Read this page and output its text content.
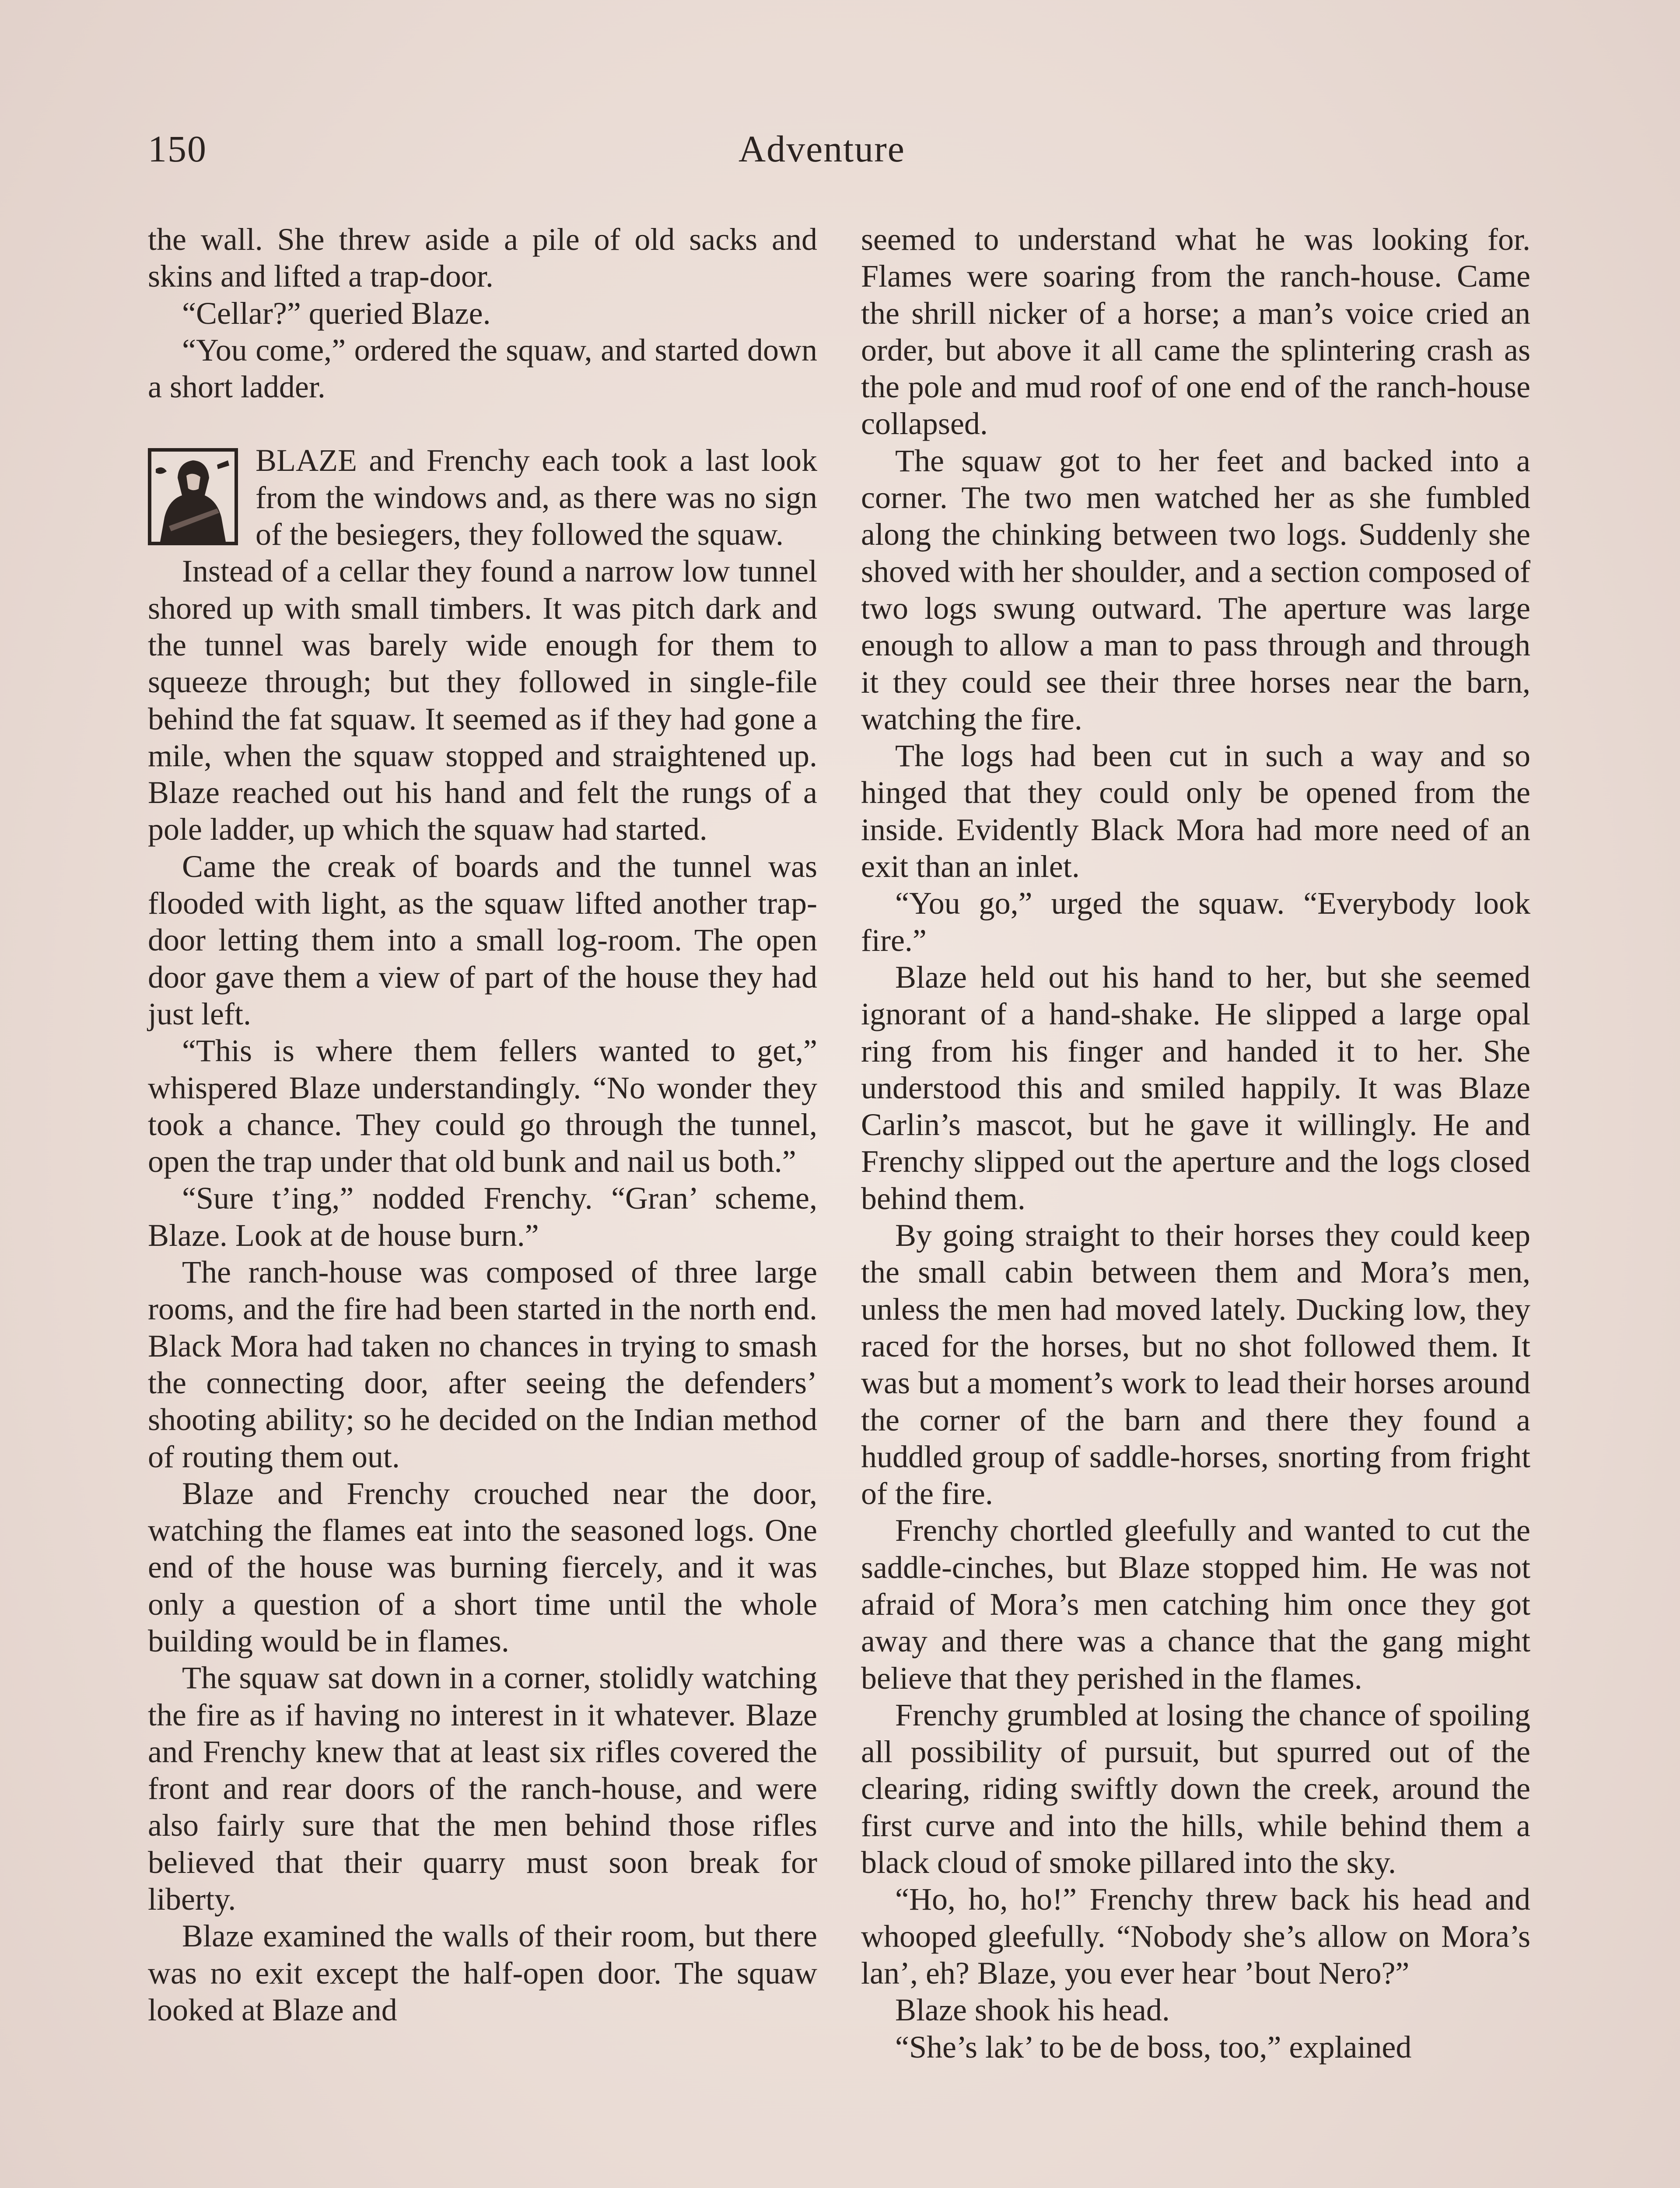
150	Adventure

the wall. She threw aside a pile of old sacks and skins and lifted a trap-door.

“Cellar?” queried Blaze.

“You come,” ordered the squaw, and started down a short ladder.

BLAZE and Frenchy each took a last look from the windows and, as there was no sign of the besiegers, they followed the squaw.

Instead of a cellar they found a narrow low tunnel shored up with small timbers. It was pitch dark and the tunnel was barely wide enough for them to squeeze through; but they followed in single-file behind the fat squaw. It seemed as if they had gone a mile, when the squaw stopped and straightened up. Blaze reached out his hand and felt the rungs of a pole ladder, up which the squaw had started.

Came the creak of boards and the tunnel was flooded with light, as the squaw lifted another trap-door letting them into a small log-room. The open door gave them a view of part of the house they had just left.

“This is where them fellers wanted to get,” whispered Blaze understandingly. “No wonder they took a chance. They could go through the tunnel, open the trap under that old bunk and nail us both.”

“Sure t’ing,” nodded Frenchy. “Gran’ scheme, Blaze. Look at de house burn.”

The ranch-house was composed of three large rooms, and the fire had been started in the north end. Black Mora had taken no chances in trying to smash the connecting door, after seeing the defenders’ shooting ability; so he decided on the Indian method of routing them out.

Blaze and Frenchy crouched near the door, watching the flames eat into the seasoned logs. One end of the house was burning fiercely, and it was only a question of a short time until the whole building would be in flames.

The squaw sat down in a corner, stolidly watching the fire as if having no interest in it whatever. Blaze and Frenchy knew that at least six rifles covered the front and rear doors of the ranch-house, and were also fairly sure that the men behind those rifles believed that their quarry must soon break for liberty.

Blaze examined the walls of their room, but there was no exit except the half-open door. The squaw looked at Blaze and

seemed to understand what he was looking for. Flames were soaring from the ranch-house. Came the shrill nicker of a horse; a man’s voice cried an order, but above it all came the splintering crash as the pole and mud roof of one end of the ranch-house collapsed.

The squaw got to her feet and backed into a corner. The two men watched her as she fumbled along the chinking between two logs. Suddenly she shoved with her shoulder, and a section composed of two logs swung outward. The aperture was large enough to allow a man to pass through and through it they could see their three horses near the barn, watching the fire.

The logs had been cut in such a way and so hinged that they could only be opened from the inside. Evidently Black Mora had more need of an exit than an inlet.

“You go,” urged the squaw. “Everybody look fire.”

Blaze held out his hand to her, but she seemed ignorant of a hand-shake. He slipped a large opal ring from his finger and handed it to her. She understood this and smiled happily. It was Blaze Carlin’s mascot, but he gave it willingly. He and Frenchy slipped out the aperture and the logs closed behind them.

By going straight to their horses they could keep the small cabin between them and Mora’s men, unless the men had moved lately. Ducking low, they raced for the horses, but no shot followed them. It was but a moment’s work to lead their horses around the corner of the barn and there they found a huddled group of saddle-horses, snorting from fright of the fire.

Frenchy chortled gleefully and wanted to cut the saddle-cinches, but Blaze stopped him. He was not afraid of Mora’s men catching him once they got away and there was a chance that the gang might believe that they perished in the flames.

Frenchy grumbled at losing the chance of spoiling all possibility of pursuit, but spurred out of the clearing, riding swiftly down the creek, around the first curve and into the hills, while behind them a black cloud of smoke pillared into the sky.

“Ho, ho, ho!” Frenchy threw back his head and whooped gleefully. “Nobody she’s allow on Mora’s lan’, eh? Blaze, you ever hear ’bout Nero?”

Blaze shook his head.

“She’s lak’ to be de boss, too,” explained
